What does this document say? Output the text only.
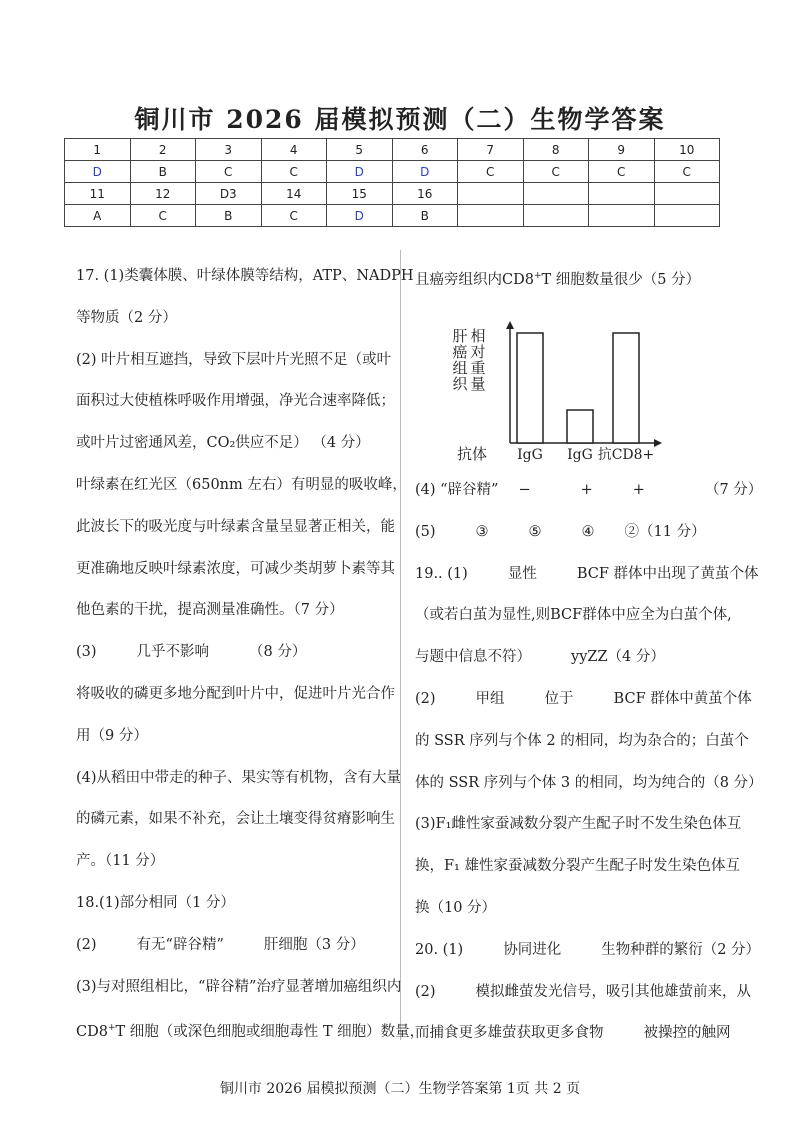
铜川市 2026 届模拟预测（二）生物学答案
1	2	3	4	5	6	7	8	9	10
D	B	C	C	D	D	C	C	C	C
11	12	D3	14	15	16				
A	C	B	C	D	B				

17. (1)类囊体膜、叶绿体膜等结构，ATP、NADPH

等物质（2 分）

(2) 叶片相互遮挡，导致下层叶片光照不足（或叶

面积过大使植株呼吸作用增强，净光合速率降低；

或叶片过密通风差，CO₂供应不足） （4 分）

叶绿素在红光区（650nm 左右）有明显的吸收峰，

此波长下的吸光度与叶绿素含量呈显著正相关，能

更准确地反映叶绿素浓度，可减少类胡萝卜素等其

他色素的干扰，提高测量准确性。（7 分）

(3)	几乎不影响	（8 分）

将吸收的磷更多地分配到叶片中，促进叶片光合作

用（9 分）

(4)从稻田中带走的种子、果实等有机物，含有大量

的磷元素，如果不补充，会让土壤变得贫瘠影响生

产。（11 分）

18.(1)部分相同（1 分）

(2)	有无“辟谷精”	肝细胞（3 分）

(3)与对照组相比，“辟谷精”治疗显著增加癌组织内

CD8+T 细胞（或深色细胞或细胞毒性 T 细胞）数量，

且癌旁组织内CD8+T 细胞数量很少（5 分）

肝癌组织
相对重量
抗体 IgG IgG 抗CD8+

(4) “辟谷精” −	+	+	（7 分）

(5)	③	⑤	④ ②（11 分）

19.. (1)	显性	BCF 群体中出现了黄茧个体

（或若白茧为显性,则BCF群体中应全为白茧个体,

与题中信息不符）	yyZZ（4 分）

(2)	甲组	位于	BCF 群体中黄茧个体

的 SSR 序列与个体 2 的相同，均为杂合的；白茧个

体的 SSR 序列与个体 3 的相同，均为纯合的（8 分）

(3)F₁雌性家蚕减数分裂产生配子时不发生染色体互

换，F₁ 雄性家蚕减数分裂产生配子时发生染色体互

换（10 分）

20. (1)	协同进化	生物种群的繁衍（2 分）

(2)	模拟雌萤发光信号，吸引其他雄萤前来，从

而捕食更多雄萤获取更多食物	被操控的触网

铜川市 2026 届模拟预测（二）生物学答案第 1页 共 2 页
